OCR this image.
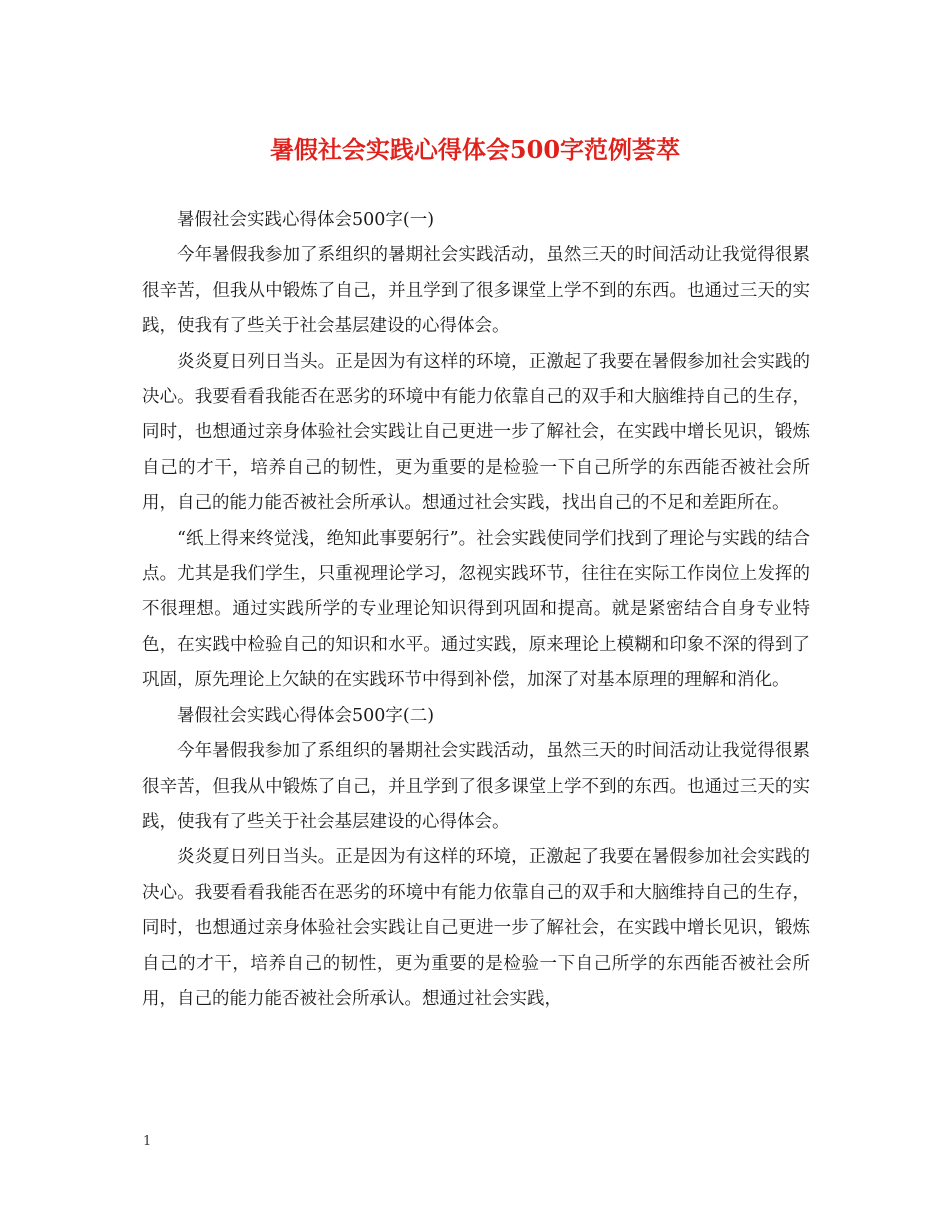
暑假社会实践心得体会500字范例荟萃

暑假社会实践心得体会500字(一)

今年暑假我参加了系组织的暑期社会实践活动，虽然三天的时间活动让我觉得很累很辛苦，但我从中锻炼了自己，并且学到了很多课堂上学不到的东西。也通过三天的实践，使我有了些关于社会基层建设的心得体会。

炎炎夏日列日当头。正是因为有这样的环境，正激起了我要在暑假参加社会实践的决心。我要看看我能否在恶劣的环境中有能力依靠自己的双手和大脑维持自己的生存，同时，也想通过亲身体验社会实践让自己更进一步了解社会，在实践中增长见识，锻炼自己的才干，培养自己的韧性，更为重要的是检验一下自己所学的东西能否被社会所用，自己的能力能否被社会所承认。想通过社会实践，找出自己的不足和差距所在。

“纸上得来终觉浅，绝知此事要躬行”。社会实践使同学们找到了理论与实践的结合点。尤其是我们学生，只重视理论学习，忽视实践环节，往往在实际工作岗位上发挥的不很理想。通过实践所学的专业理论知识得到巩固和提高。就是紧密结合自身专业特色，在实践中检验自己的知识和水平。通过实践，原来理论上模糊和印象不深的得到了巩固，原先理论上欠缺的在实践环节中得到补偿，加深了对基本原理的理解和消化。

暑假社会实践心得体会500字(二)

今年暑假我参加了系组织的暑期社会实践活动，虽然三天的时间活动让我觉得很累很辛苦，但我从中锻炼了自己，并且学到了很多课堂上学不到的东西。也通过三天的实践，使我有了些关于社会基层建设的心得体会。

炎炎夏日列日当头。正是因为有这样的环境，正激起了我要在暑假参加社会实践的决心。我要看看我能否在恶劣的环境中有能力依靠自己的双手和大脑维持自己的生存，同时，也想通过亲身体验社会实践让自己更进一步了解社会，在实践中增长见识，锻炼自己的才干，培养自己的韧性，更为重要的是检验一下自己所学的东西能否被社会所用，自己的能力能否被社会所承认。想通过社会实践，

1
